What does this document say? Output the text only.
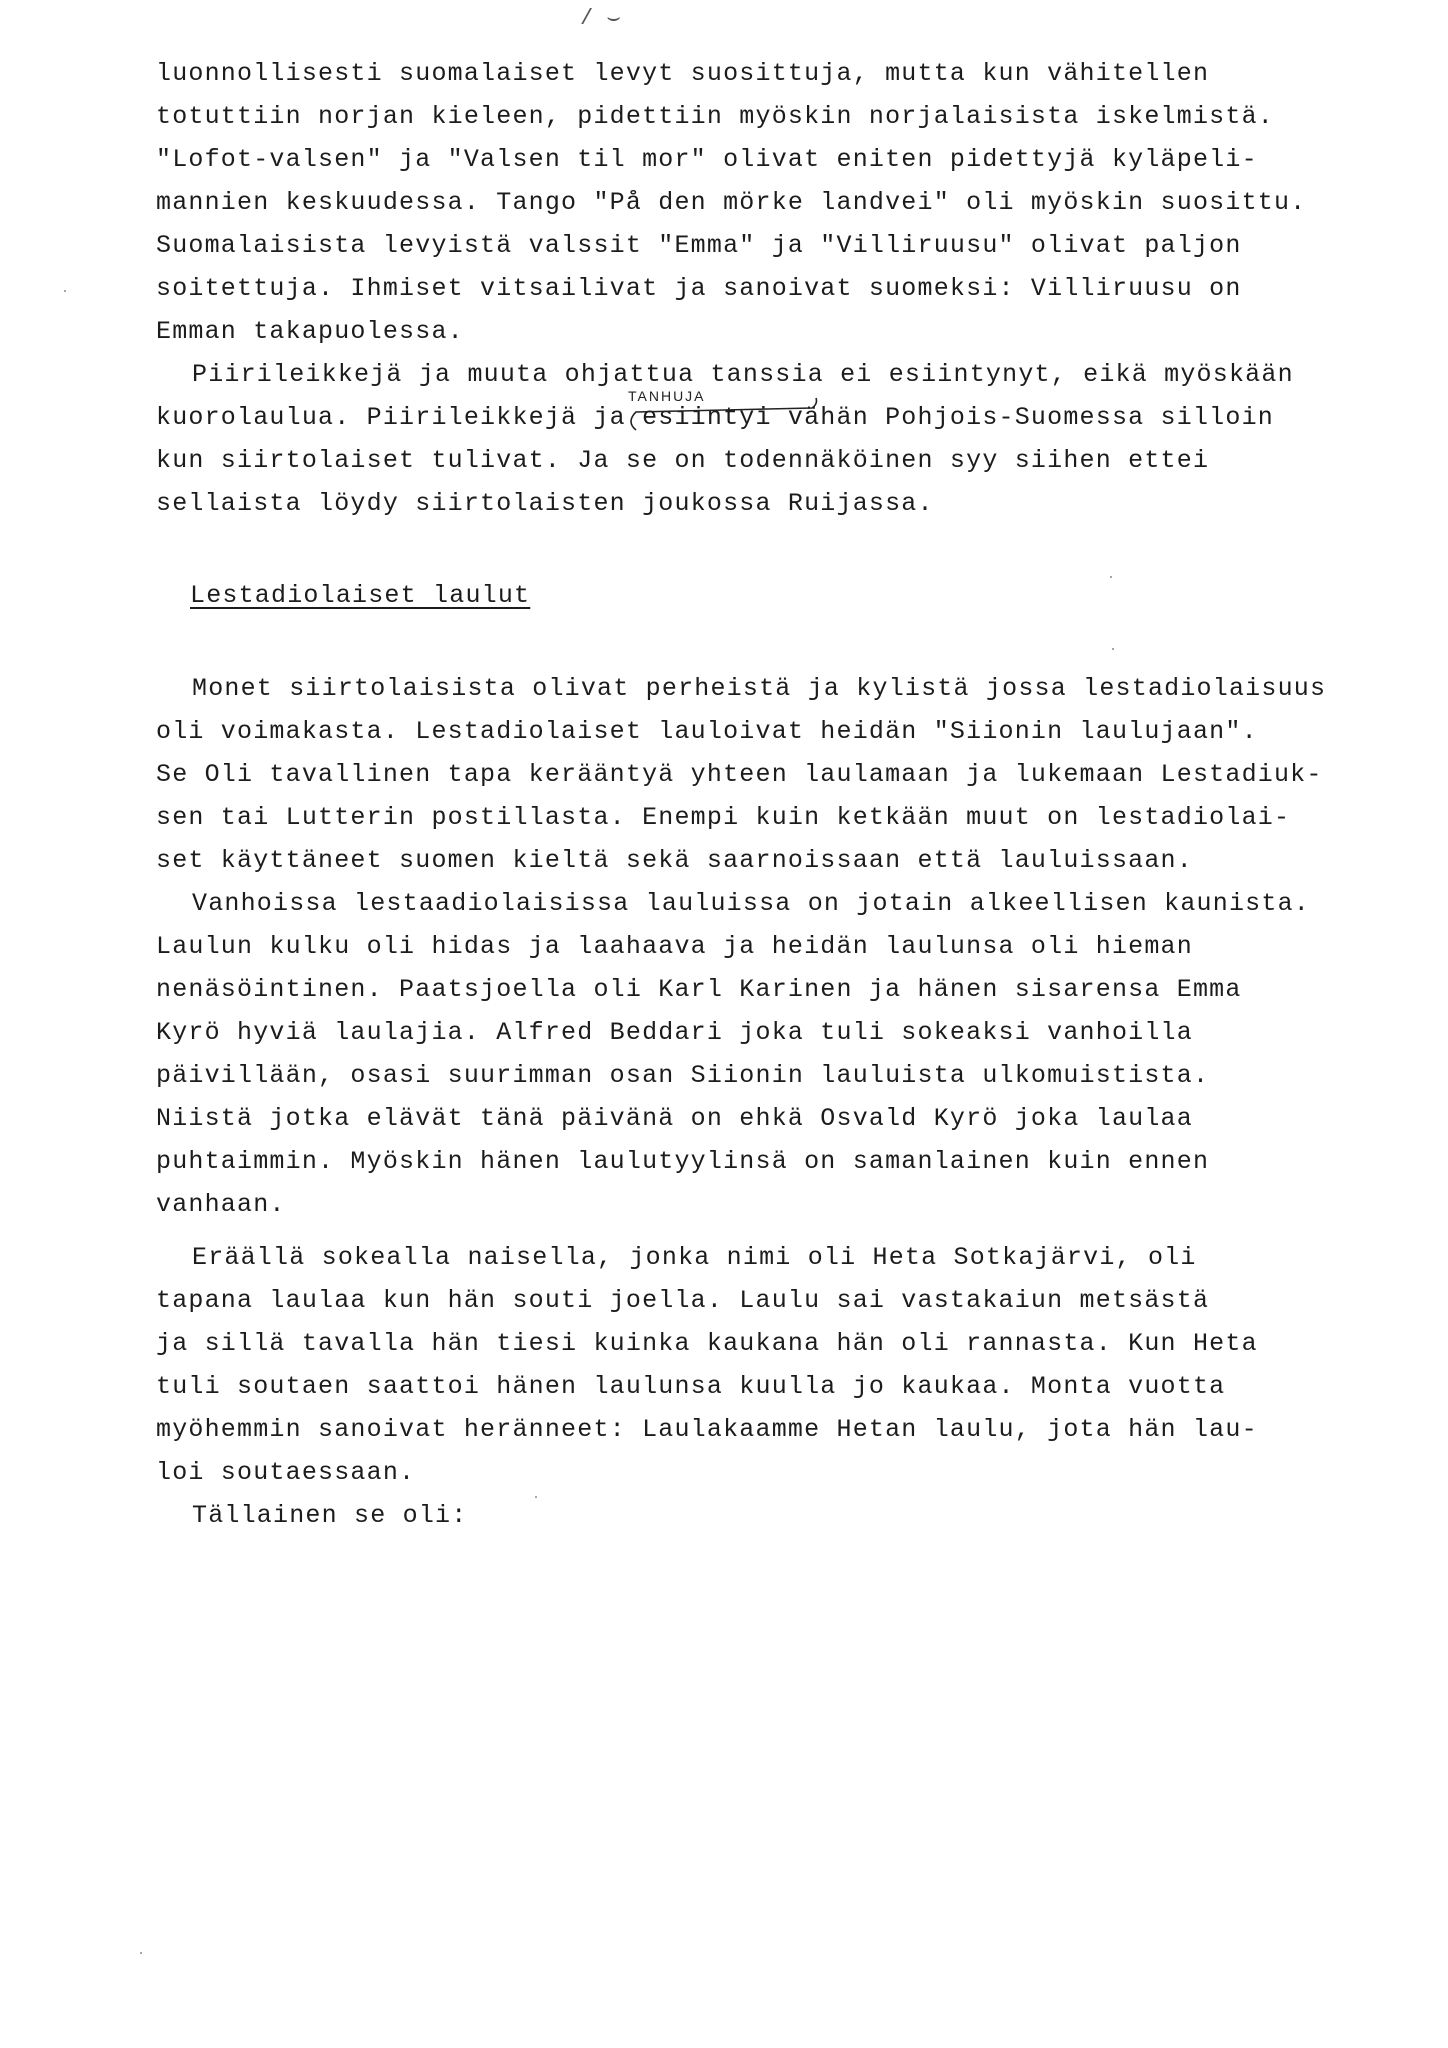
/ ⌣
luonnollisesti suomalaiset levyt suosittuja, mutta kun vähitellen
totuttiin norjan kieleen, pidettiin myöskin norjalaisista iskelmistä.
"Lofot-valsen" ja "Valsen til mor" olivat eniten pidettyjä kyläpeli-
mannien keskuudessa. Tango "På den mörke landvei" oli myöskin suosittu.
Suomalaisista levyistä valssit "Emma" ja "Villiruusu" olivat paljon
soitettuja. Ihmiset vitsailivat ja sanoivat suomeksi: Villiruusu on
Emman takapuolessa.
Piirileikkejä ja muuta ohjattua tanssia ei esiintynyt, eikä myöskään
kuorolaulua. Piirileikkejä ja esiintyi vähän Pohjois-Suomessa silloin
kun siirtolaiset tulivat. Ja se on todennäköinen syy siihen ettei
sellaista löydy siirtolaisten joukossa Ruijassa.
TANHUJA
Lestadiolaiset laulut
Monet siirtolaisista olivat perheistä ja kylistä jossa lestadiolaisuus
oli voimakasta. Lestadiolaiset lauloivat heidän "Siionin laulujaan".
Se Oli tavallinen tapa kerääntyä yhteen laulamaan ja lukemaan Lestadiuk-
sen tai Lutterin postillasta. Enempi kuin ketkään muut on lestadiolai-
set käyttäneet suomen kieltä sekä saarnoissaan että lauluissaan.
Vanhoissa lestaadiolaisissa lauluissa on jotain alkeellisen kaunista.
Laulun kulku oli hidas ja laahaava ja heidän laulunsa oli hieman
nenäsöintinen. Paatsjoella oli Karl Karinen ja hänen sisarensa Emma
Kyrö hyviä laulajia. Alfred Beddari joka tuli sokeaksi vanhoilla
päivillään, osasi suurimman osan Siionin lauluista ulkomuistista.
Niistä jotka elävät tänä päivänä on ehkä Osvald Kyrö joka laulaa
puhtaimmin. Myöskin hänen laulutyylinsä on samanlainen kuin ennen
vanhaan.
Eräällä sokealla naisella, jonka nimi oli Heta Sotkajärvi, oli
tapana laulaa kun hän souti joella. Laulu sai vastakaiun metsästä
ja sillä tavalla hän tiesi kuinka kaukana hän oli rannasta. Kun Heta
tuli soutaen saattoi hänen laulunsa kuulla jo kaukaa. Monta vuotta
myöhemmin sanoivat heränneet: Laulakaamme Hetan laulu, jota hän lau-
loi soutaessaan.
Tällainen se oli:
